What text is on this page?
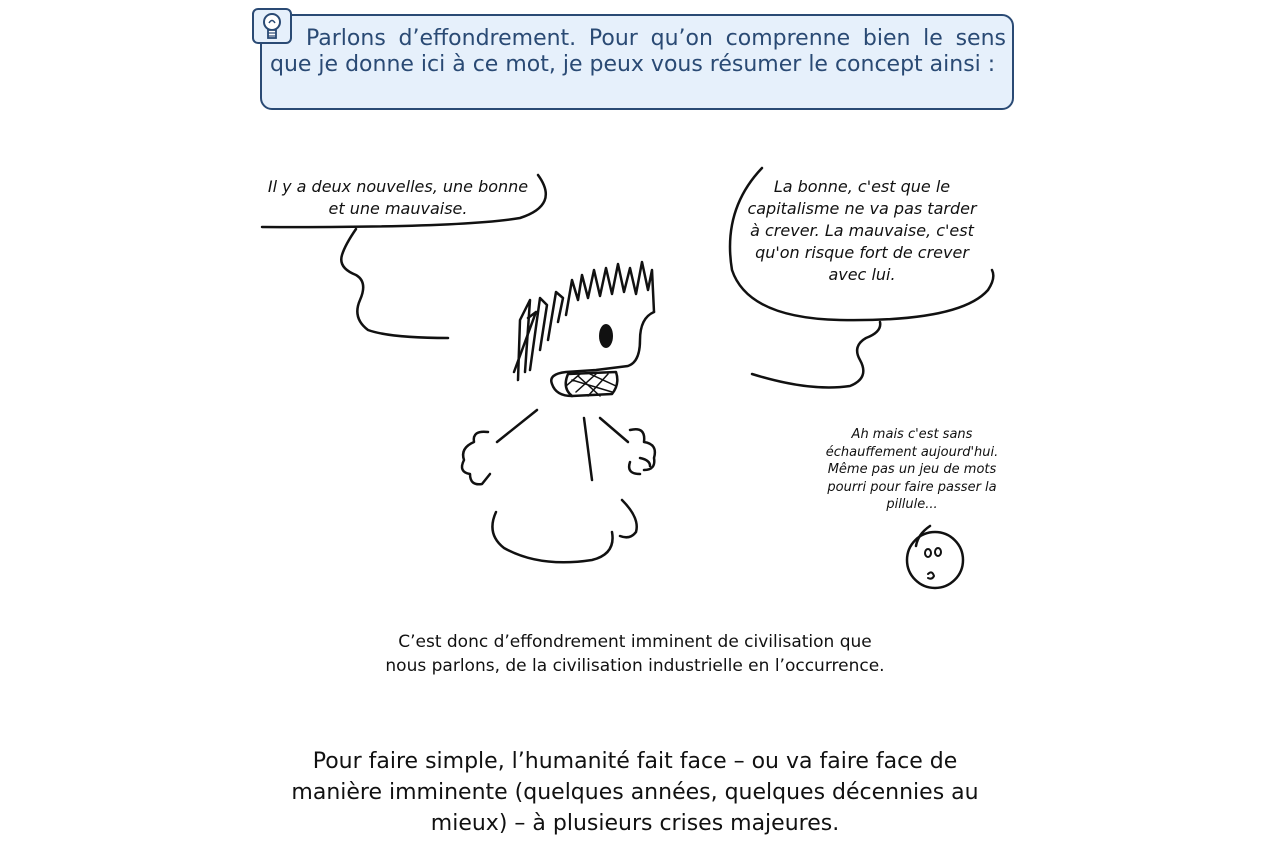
Parlons d’effondrement. Pour qu’on comprenne bien le sens que je donne ici à ce mot, je peux vous résumer le concept ainsi :
Il y a deux nouvelles, une bonne et une mauvaise.
La bonne, c'est que le capitalisme ne va pas tarder à crever. La mauvaise, c'est qu'on risque fort de crever avec lui.
Ah mais c'est sans échauffement aujourd'hui. Même pas un jeu de mots pourri pour faire passer la pillule...
C’est donc d’effondrement imminent de civilisation que nous parlons, de la civilisation industrielle en l’occurrence.
Pour faire simple, l’humanité fait face – ou va faire face de manière imminente (quelques années, quelques décennies au mieux) – à plusieurs crises majeures.
